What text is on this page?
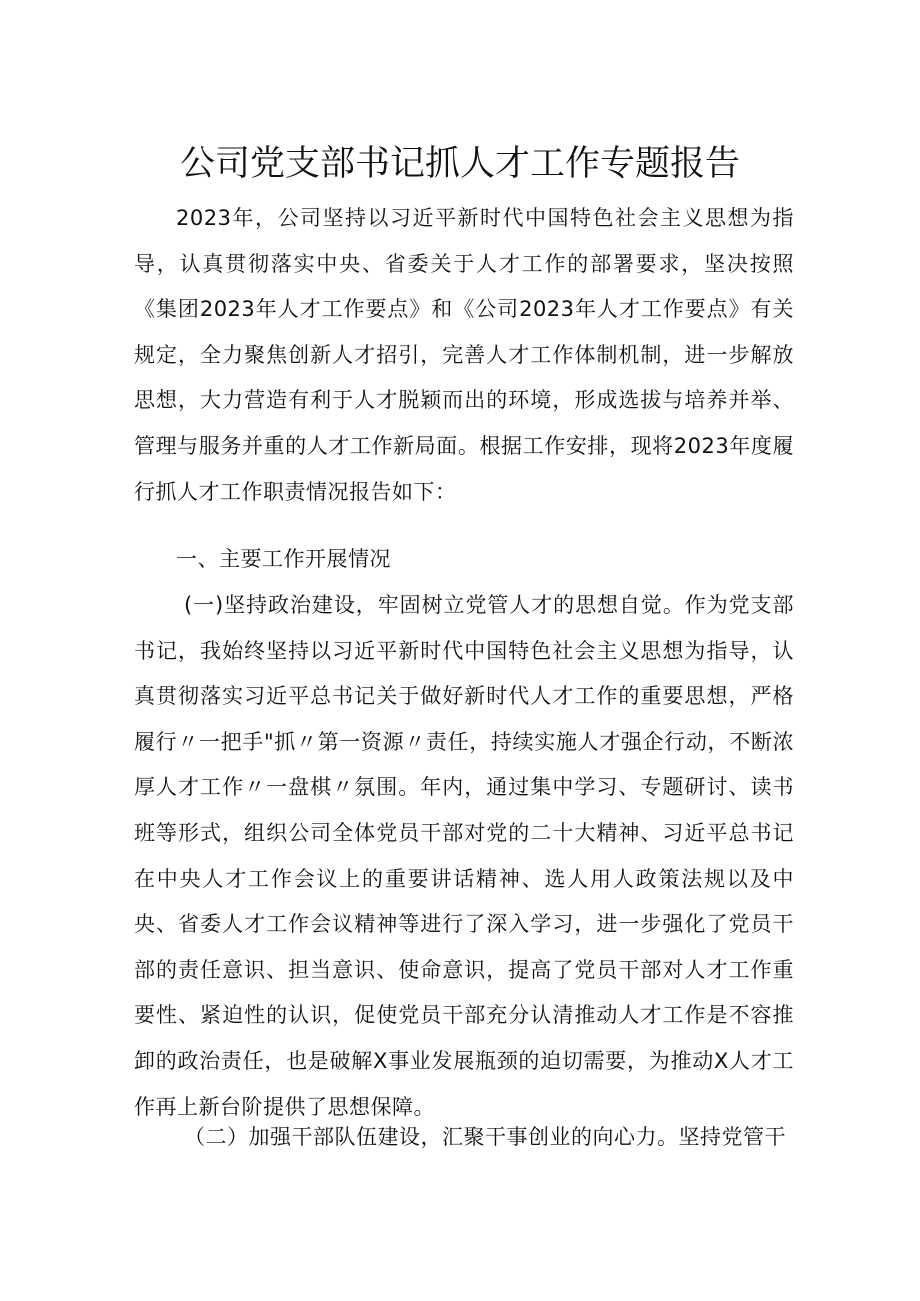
公司党支部书记抓人才工作专题报告

2023年，公司坚持以习近平新时代中国特色社会主义思想为指导，认真贯彻落实中央、省委关于人才工作的部署要求，坚决按照《集团2023年人才工作要点》和《公司2023年人才工作要点》有关规定，全力聚焦创新人才招引，完善人才工作体制机制，进一步解放思想，大力营造有利于人才脱颖而出的环境，形成选拔与培养并举、管理与服务并重的人才工作新局面。根据工作安排，现将2023年度履行抓人才工作职责情况报告如下：

一、主要工作开展情况

(一)坚持政治建设，牢固树立党管人才的思想自觉。作为党支部书记，我始终坚持以习近平新时代中国特色社会主义思想为指导，认真贯彻落实习近平总书记关于做好新时代人才工作的重要思想，严格履行〃一把手"抓〃第一资源〃责任，持续实施人才强企行动，不断浓厚人才工作〃一盘棋〃氛围。年内，通过集中学习、专题研讨、读书班等形式，组织公司全体党员干部对党的二十大精神、习近平总书记在中央人才工作会议上的重要讲话精神、选人用人政策法规以及中央、省委人才工作会议精神等进行了深入学习，进一步强化了党员干部的责任意识、担当意识、使命意识，提高了党员干部对人才工作重要性、紧迫性的认识，促使党员干部充分认清推动人才工作是不容推卸的政治责任，也是破解X事业发展瓶颈的迫切需要，为推动X人才工作再上新台阶提供了思想保障。

（二）加强干部队伍建设，汇聚干事创业的向心力。坚持党管干
